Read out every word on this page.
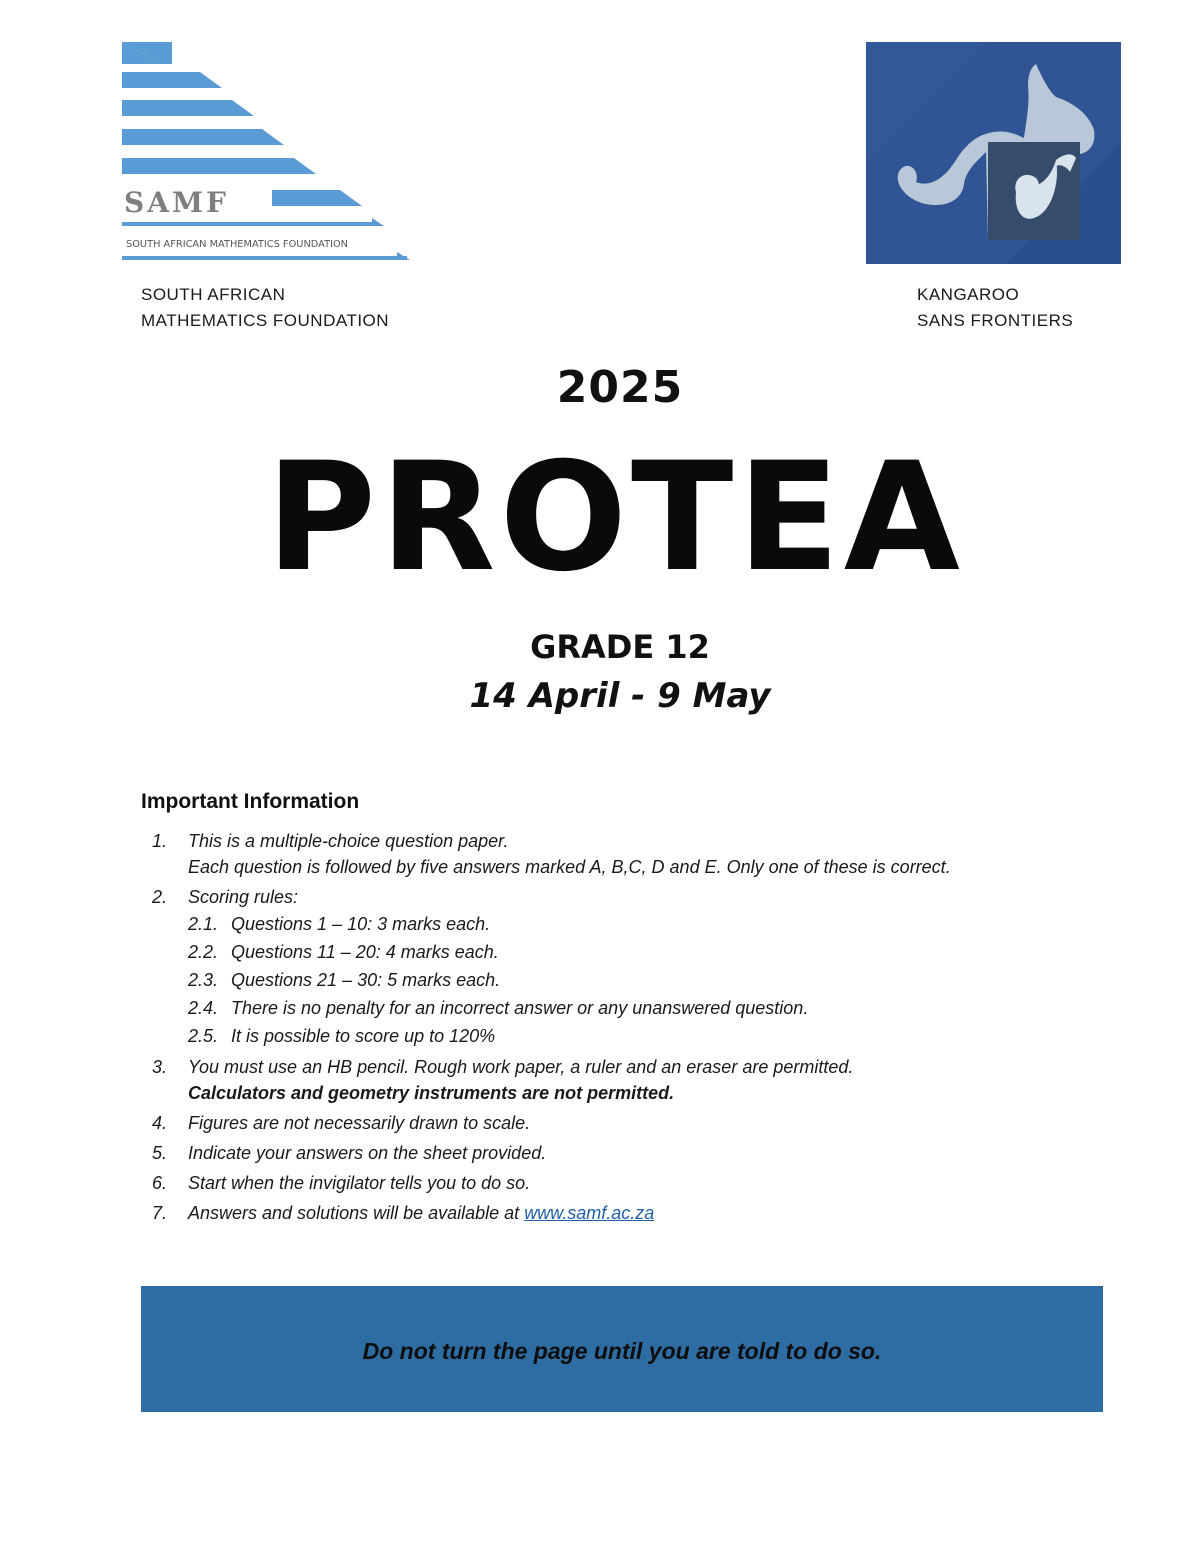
SAMF
SOUTH AFRICAN MATHEMATICS FOUNDATION
SOUTH AFRICAN
MATHEMATICS FOUNDATION
KANGAROO
SANS FRONTIERS
2025
PROTEA
GRADE 12
14 April - 9 May
Important Information
1.	This is a multiple-choice question paper.
Each question is followed by five answers marked A, B,C, D and E. Only one of these is correct.
2.	Scoring rules:
2.1. Questions 1 – 10: 3 marks each.
2.2. Questions 11 – 20: 4 marks each.
2.3. Questions 21 – 30: 5 marks each.
2.4. There is no penalty for an incorrect answer or any unanswered question.
2.5. It is possible to score up to 120%
3.	You must use an HB pencil. Rough work paper, a ruler and an eraser are permitted.
Calculators and geometry instruments are not permitted.
4.	Figures are not necessarily drawn to scale.
5.	Indicate your answers on the sheet provided.
6.	Start when the invigilator tells you to do so.
7.	Answers and solutions will be available at www.samf.ac.za
Do not turn the page until you are told to do so.
